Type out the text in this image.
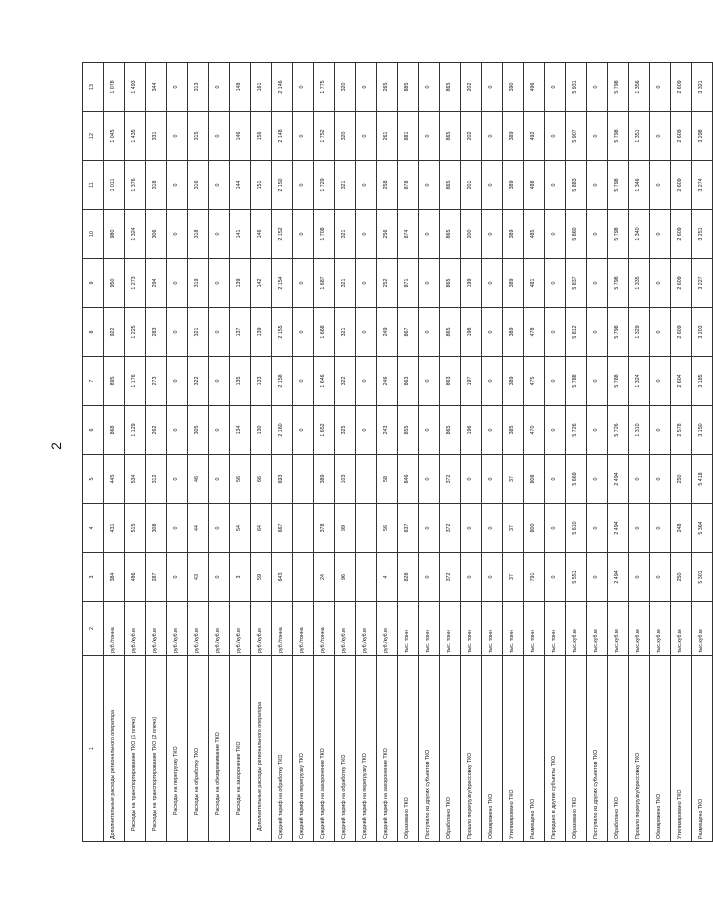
2
1	2	3	4	5	6	7	8	9	10	11	12	13
Дополнительные расходы регионального оператора	руб./тонна	384	431	445	868	895	922	950	980	1 011	1 045	1 078
Расходы на транспортирование ТКО (1 плечо)	руб./куб.м	486	515	534	1 129	1 176	1 225	1 273	1 324	1 376	1 435	1 493
Расходы на транспортирование ТКО (2 плечо)	руб./куб.м	287	308	312	262	273	283	294	306	318	331	344
Расходы на перегрузку ТКО	руб./куб.м	0	0	0	0	0	0	0	0	0	0	0
Расходы на обработку ТКО	руб./куб.м	43	44	46	305	322	321	319	318	316	315	313
Расходы на обезвреживание ТКО	руб./куб.м	0	0	0	0	0	0	0	0	0	0	0
Расходы на захоронение ТКО	руб./куб.м	3	54	56	134	135	137	139	141	144	146	148
Дополнительные расходы регионального оператора	руб./куб.м	59	64	66	130	133	139	142	146	151	156	161
Средний тариф на обработку ТКО	руб./тонна	643	667	693	2 160	2 158	2 155	2 154	2 152	2 150	2 148	2 146
Средний тариф на перегрузку ТКО	руб./тонна				0	0	0	0	0	0	0	0
Средний тариф на захоронение ТКО	руб./тонна	24	378	389	1 652	1 646	1 668	1 687	1 708	1 729	1 752	1 775
Средний тариф на обработку ТКО	руб./куб.м	96	99	103	325	322	321	321	321	321	320	320
Средний тариф на перегрузку ТКО	руб./куб.м				0	0	0	0	0	0	0	0
Средний тариф на захоронение ТКО	руб./куб.м	4	56	58	243	246	249	252	256	258	261	265
Образовано ТКО	тыс. тонн	828	837	846	855	863	867	871	874	878	881	885
Поступило из других субъектов ТКО	тыс. тонн	0	0	0	0	0	0	0	0	0	0	0
Обработано ТКО	тыс. тонн	372	372	372	865	863	865	865	865	865	865	865
Прошло перегрузку/прессовку ТКО	тыс. тонн	0	0	0	196	197	198	199	200	201	202	202
Обезврежено ТКО	тыс. тонн	0	0	0	0	0	0	0	0	0	0	0
Утилизировано ТКО	тыс. тонн	37	37	37	385	389	389	389	389	389	389	390
Размещено ТКО	тыс. тонн	791	800	808	470	475	478	481	485	488	492	496
Передано в другие субъекты ТКО	тыс. тонн	0	0	0	0	0	0	0	0	0	0	0
Образовано ТКО	тыс.куб.м	5 551	5 610	5 669	5 726	5 788	5 812	5 837	5 860	5 883	5 907	5 931
Поступило из других субъектов ТКО	тыс.куб.м	0	0	0	0	0	0	0	0	0	0	0
Обработано ТКО	тыс.куб.м	2 494	2 494	2 494	5 726	5 788	5 798	5 798	5 798	5 798	5 798	5 798
Прошло перегрузку/прессовку ТКО	тыс.куб.м	0	0	0	1 310	1 324	1 329	1 335	1 340	1 346	1 351	1 356
Обезврежено ТКО	тыс.куб.м	0	0	0	0	0	0	0	0	0	0	0
Утилизировано ТКО	тыс.куб.м	250	248	250	2 578	2 604	2 609	2 609	2 609	2 609	2 609	2 609
Размещено ТКО	тыс.куб.м	5 301	5 364	5 418	3 150	3 185	3 203	3 227	3 251	3 274	3 298	3 321
